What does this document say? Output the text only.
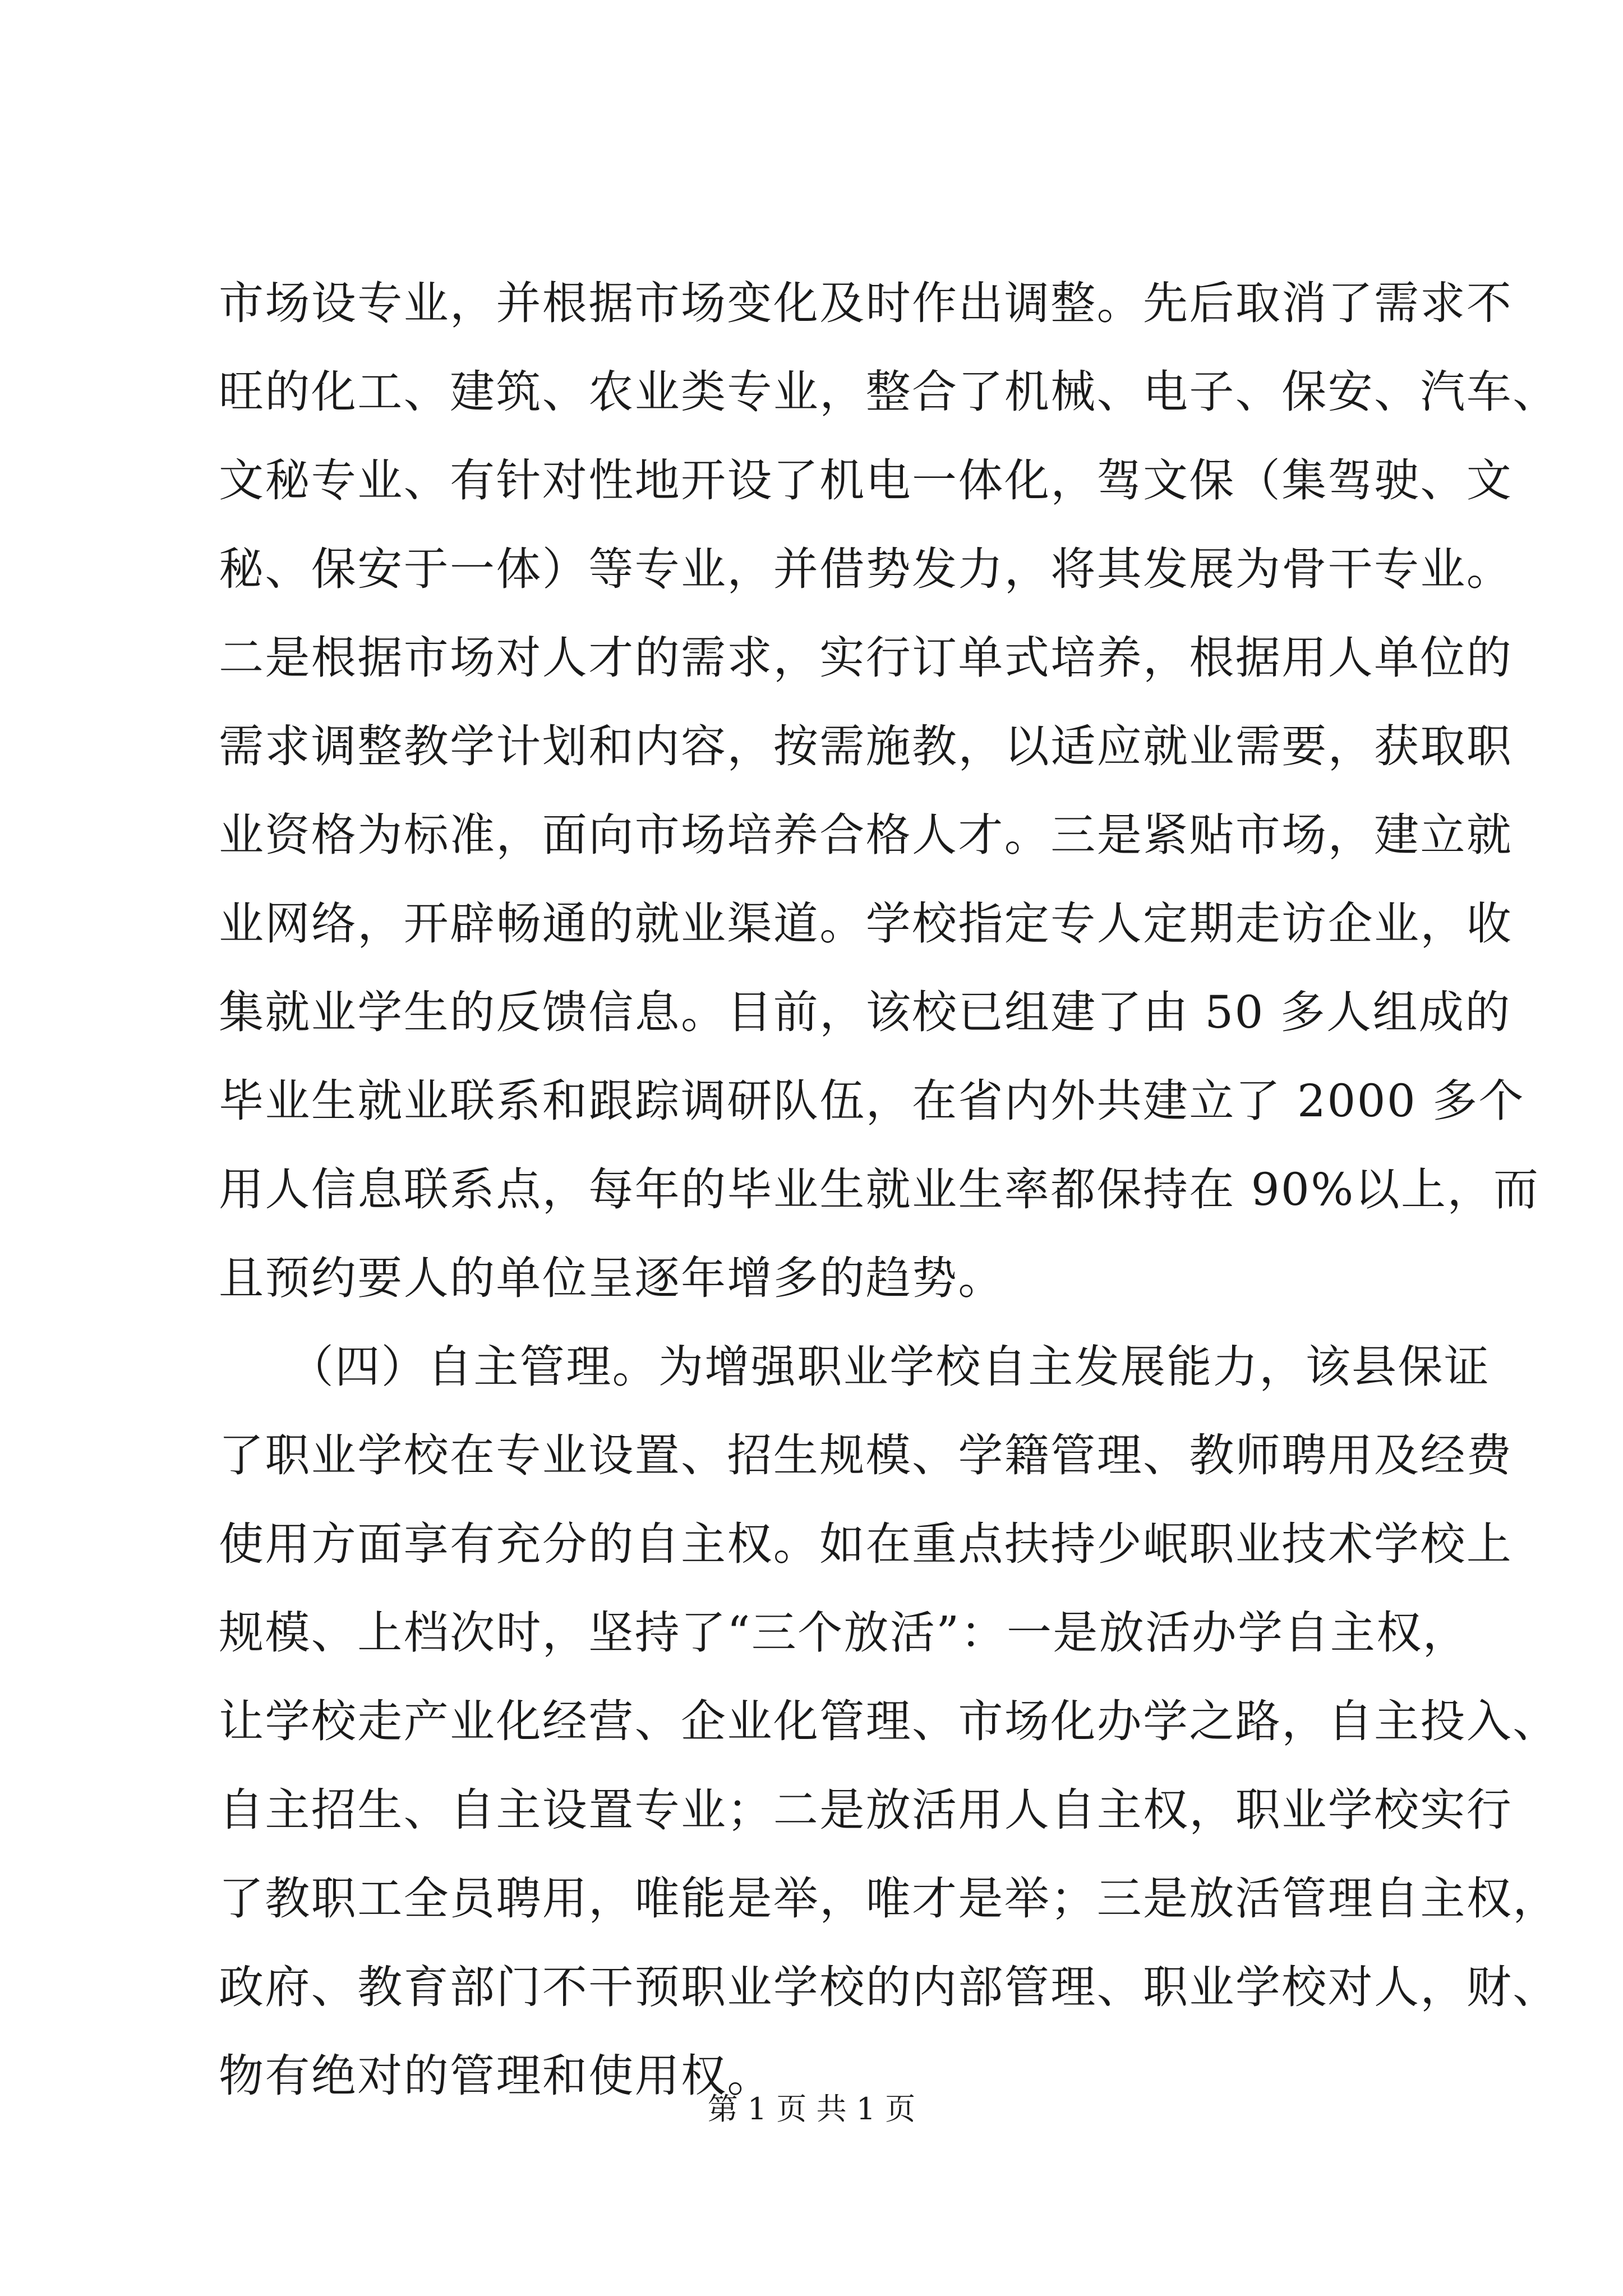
市场设专业，并根据市场变化及时作出调整。先后取消了需求不
旺的化工、建筑、农业类专业，整合了机械、电子、保安、汽车、
文秘专业、有针对性地开设了机电一体化，驾文保（集驾驶、文
秘、保安于一体）等专业，并借势发力，将其发展为骨干专业。
二是根据市场对人才的需求，实行订单式培养，根据用人单位的
需求调整教学计划和内容，按需施教，以适应就业需要，获取职
业资格为标准，面向市场培养合格人才。三是紧贴市场，建立就
业网络，开辟畅通的就业渠道。学校指定专人定期走访企业，收
集就业学生的反馈信息。目前，该校已组建了由 50 多人组成的
毕业生就业联系和跟踪调研队伍，在省内外共建立了 2000 多个
用人信息联系点，每年的毕业生就业生率都保持在 90%以上，而
且预约要人的单位呈逐年增多的趋势。
　　（四）自主管理。为增强职业学校自主发展能力，该县保证
了职业学校在专业设置、招生规模、学籍管理、教师聘用及经费
使用方面享有充分的自主权。如在重点扶持少岷职业技术学校上
规模、上档次时，坚持了“三个放活”：一是放活办学自主权，
让学校走产业化经营、企业化管理、市场化办学之路，自主投入、
自主招生、自主设置专业；二是放活用人自主权，职业学校实行
了教职工全员聘用，唯能是举，唯才是举；三是放活管理自主权，
政府、教育部门不干预职业学校的内部管理、职业学校对人，财、
物有绝对的管理和使用权。
第 1 页 共 1 页
